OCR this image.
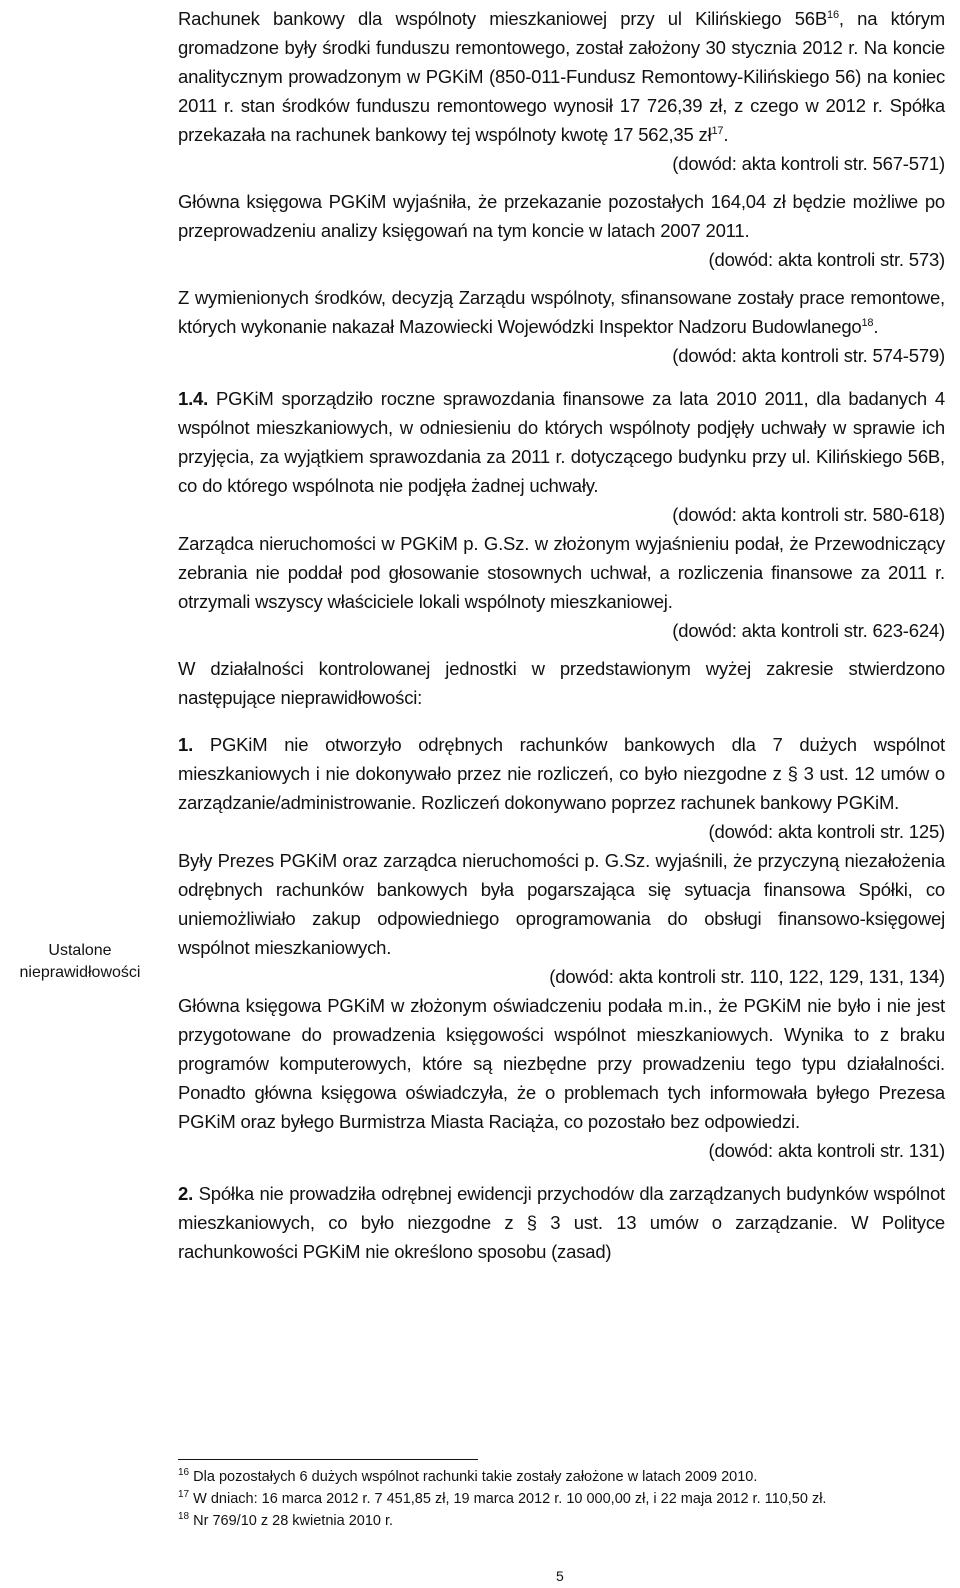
Ustalone
nieprawidłowości

Rachunek bankowy dla wspólnoty mieszkaniowej przy ul Kilińskiego $56B^{16}$, na którym gromadzone były środki funduszu remontowego, został założony 30 stycznia 2012 r. Na koncie analitycznym prowadzonym w PGKiM (850-011-Fundusz Remontowy-Kilińskiego 56) na koniec 2011 r. stan środków funduszu remontowego wynosił 17 726,39 zł, z czego w 2012 r. Spółka przekazała na rachunek bankowy tej wspólnoty kwotę 17 562,35 $zł^{17}$.

(dowód: akta kontroli str. 567-571)

Główna księgowa PGKiM wyjaśniła, że przekazanie pozostałych 164,04 zł będzie możliwe po przeprowadzeniu analizy księgowań na tym koncie w latach 2007 2011.

(dowód: akta kontroli str. 573)

Z wymienionych środków, decyzją Zarządu wspólnoty, sfinansowane zostały prace remontowe, których wykonanie nakazał Mazowiecki Wojewódzki Inspektor Nadzoru Budowlanego$^{18}$.

(dowód: akta kontroli str. 574-579)

1.4. PGKiM sporządziło roczne sprawozdania finansowe za lata 2010 2011, dla badanych 4 wspólnot mieszkaniowych, w odniesieniu do których wspólnoty podjęły uchwały w sprawie ich przyjęcia, za wyjątkiem sprawozdania za 2011 r. dotyczącego budynku przy ul. Kilińskiego 56B, co do którego wspólnota nie podjęła żadnej uchwały.

(dowód: akta kontroli str. 580-618)

Zarządca nieruchomości w PGKiM p. G.Sz. w złożonym wyjaśnieniu podał, że Przewodniczący zebrania nie poddał pod głosowanie stosownych uchwał, a rozliczenia finansowe za 2011 r. otrzymali wszyscy właściciele lokali wspólnoty mieszkaniowej.

(dowód: akta kontroli str. 623-624)

W działalności kontrolowanej jednostki w przedstawionym wyżej zakresie stwierdzono następujące nieprawidłowości:

1. PGKiM nie otworzyło odrębnych rachunków bankowych dla 7 dużych wspólnot mieszkaniowych i nie dokonywało przez nie rozliczeń, co było niezgodne z § 3 ust. 12 umów o zarządzanie/administrowanie. Rozliczeń dokonywano poprzez rachunek bankowy PGKiM.

(dowód: akta kontroli str. 125)

Były Prezes PGKiM oraz zarządca nieruchomości p. G.Sz. wyjaśnili, że przyczyną niezałożenia odrębnych rachunków bankowych była pogarszająca się sytuacja finansowa Spółki, co uniemożliwiało zakup odpowiedniego oprogramowania do obsługi finansowo-księgowej wspólnot mieszkaniowych.

(dowód: akta kontroli str. 110, 122, 129, 131, 134)

Główna księgowa PGKiM w złożonym oświadczeniu podała m.in., że PGKiM nie było i nie jest przygotowane do prowadzenia księgowości wspólnot mieszkaniowych. Wynika to z braku programów komputerowych, które są niezbędne przy prowadzeniu tego typu działalności. Ponadto główna księgowa oświadczyła, że o problemach tych informowała byłego Prezesa PGKiM oraz byłego Burmistrza Miasta Raciąża, co pozostało bez odpowiedzi.

(dowód: akta kontroli str. 131)

2. Spółka nie prowadziła odrębnej ewidencji przychodów dla zarządzanych budynków wspólnot mieszkaniowych, co było niezgodne z § 3 ust. 13 umów o zarządzanie. W Polityce rachunkowości PGKiM nie określono sposobu (zasad)

$^{16}$ Dla pozostałych 6 dużych wspólnot rachunki takie zostały założone w latach 2009 2010.
$^{17}$ W dniach: 16 marca 2012 r. 7 451,85 zł, 19 marca 2012 r. 10 000,00 zł, i 22 maja 2012 r. 110,50 zł.
$^{18}$ Nr 769/10 z 28 kwietnia 2010 r.
5
